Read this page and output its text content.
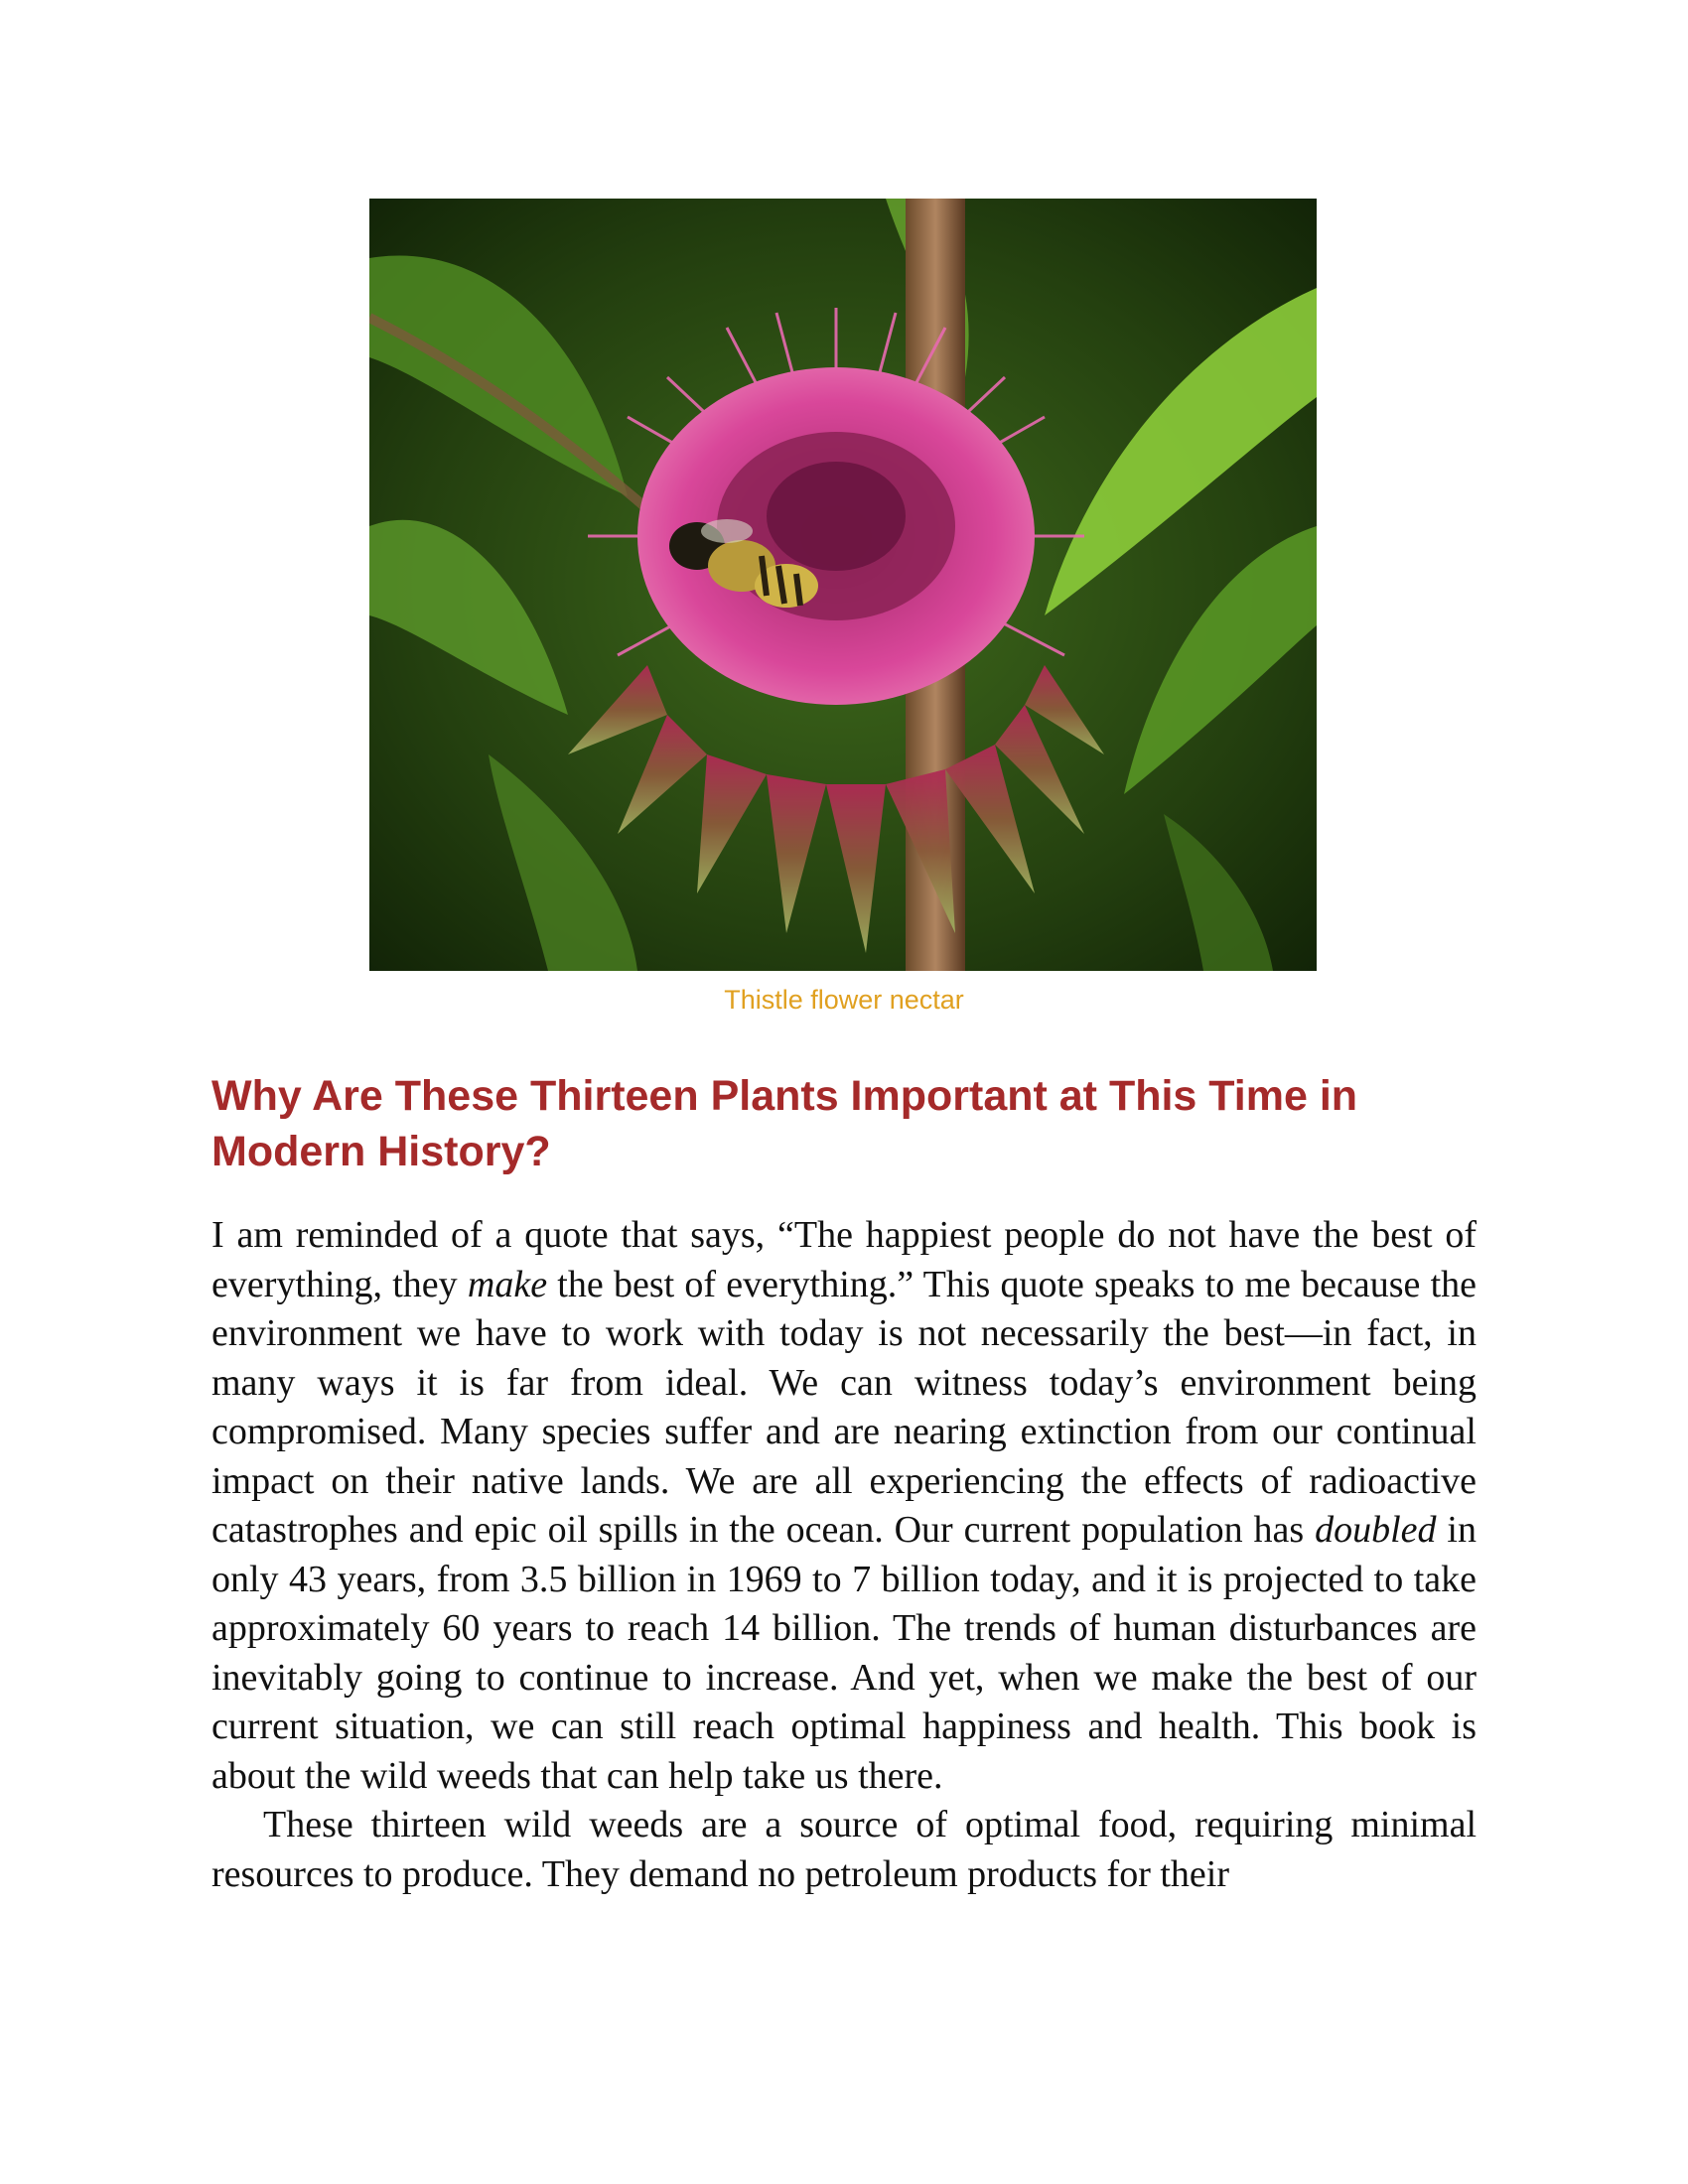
Thistle flower nectar
Why Are These Thirteen Plants Important at This Time in Modern History?

I am reminded of a quote that says, “The happiest people do not have the best of everything, they make the best of everything.” This quote speaks to me because the environment we have to work with today is not necessarily the best—in fact, in many ways it is far from ideal. We can witness today’s environment being compromised. Many species suffer and are nearing extinction from our continual impact on their native lands. We are all experiencing the effects of radioactive catastrophes and epic oil spills in the ocean. Our current population has doubled in only 43 years, from 3.5 billion in 1969 to 7 billion today, and it is projected to take approximately 60 years to reach 14 billion. The trends of human disturbances are inevitably going to continue to increase. And yet, when we make the best of our current situation, we can still reach optimal happiness and health. This book is about the wild weeds that can help take us there.

These thirteen wild weeds are a source of optimal food, requiring minimal resources to produce. They demand no petroleum products for their
